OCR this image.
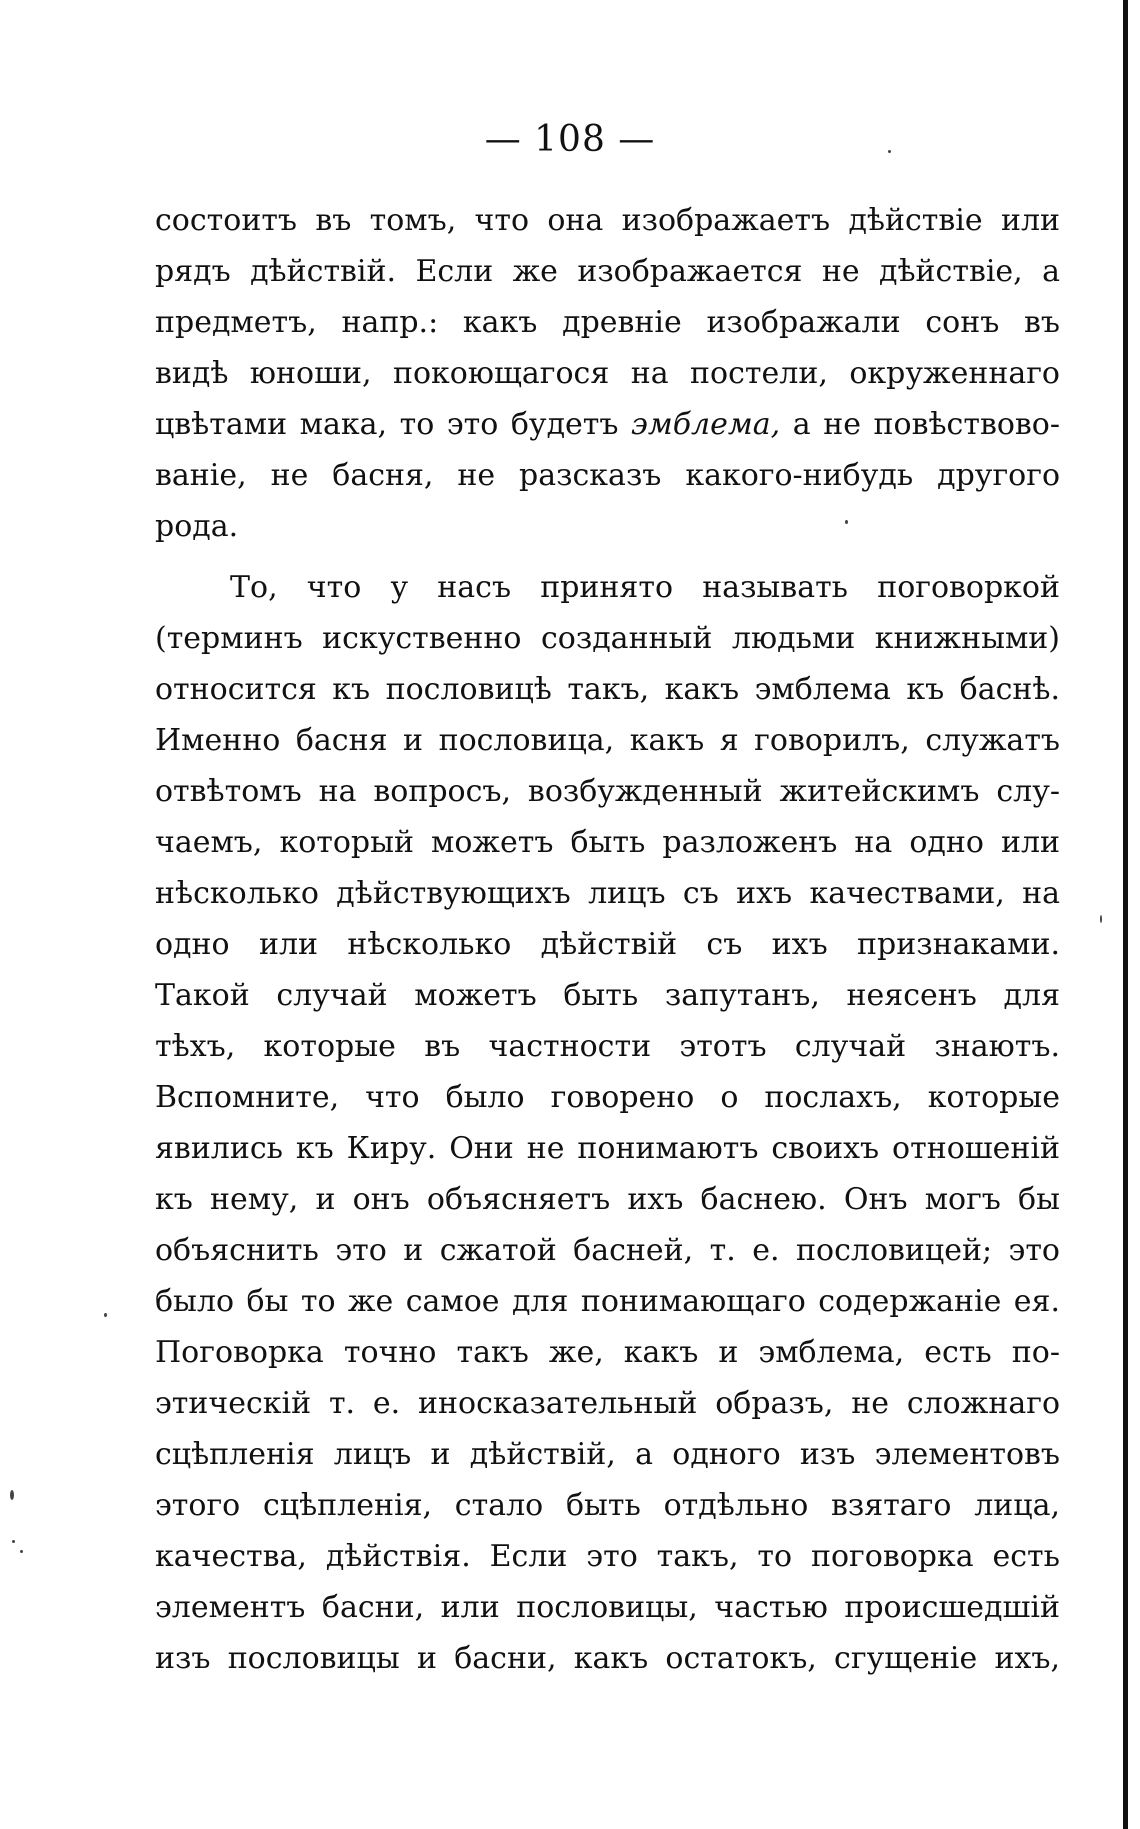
— 108 —
состоитъ въ томъ, что она изображаетъ дѣйствіе или
рядъ дѣйствій. Если же изображается не дѣйствіе, а
предметъ, напр.: какъ древніе изображали сонъ въ
видѣ юноши, покоющагося на постели, окруженнаго
цвѣтами мака, то это будетъ эмблема, а не повѣствово-
ваніе, не басня, не разсказъ какого-нибудь другого
рода.
То, что у насъ принято называть поговоркой
(терминъ искуственно созданный людьми книжными)
относится къ пословицѣ такъ, какъ эмблема къ баснѣ.
Именно басня и пословица, какъ я говорилъ, служатъ
отвѣтомъ на вопросъ, возбужденный житейскимъ слу-
чаемъ, который можетъ быть разложенъ на одно или
нѣсколько дѣйствующихъ лицъ съ ихъ качествами, на
одно или нѣсколько дѣйствій съ ихъ признаками.
Такой случай можетъ быть запутанъ, неясенъ для
тѣхъ, которые въ частности этотъ случай знаютъ.
Вспомните, что было говорено о послахъ, которые
явились къ Киру. Они не понимаютъ своихъ отношеній
къ нему, и онъ объясняетъ ихъ баснею. Онъ могъ бы
объяснить это и сжатой басней, т. е. пословицей; это
было бы то же самое для понимающаго содержаніе ея.
Поговорка точно такъ же, какъ и эмблема, есть по-
этическій т. е. иносказательный образъ, не сложнаго
сцѣпленія лицъ и дѣйствій, а одного изъ элементовъ
этого сцѣпленія, стало быть отдѣльно взятаго лица,
качества, дѣйствія. Если это такъ, то поговорка есть
элементъ басни, или пословицы, частью происшедшій
изъ пословицы и басни, какъ остатокъ, сгущеніе ихъ,
